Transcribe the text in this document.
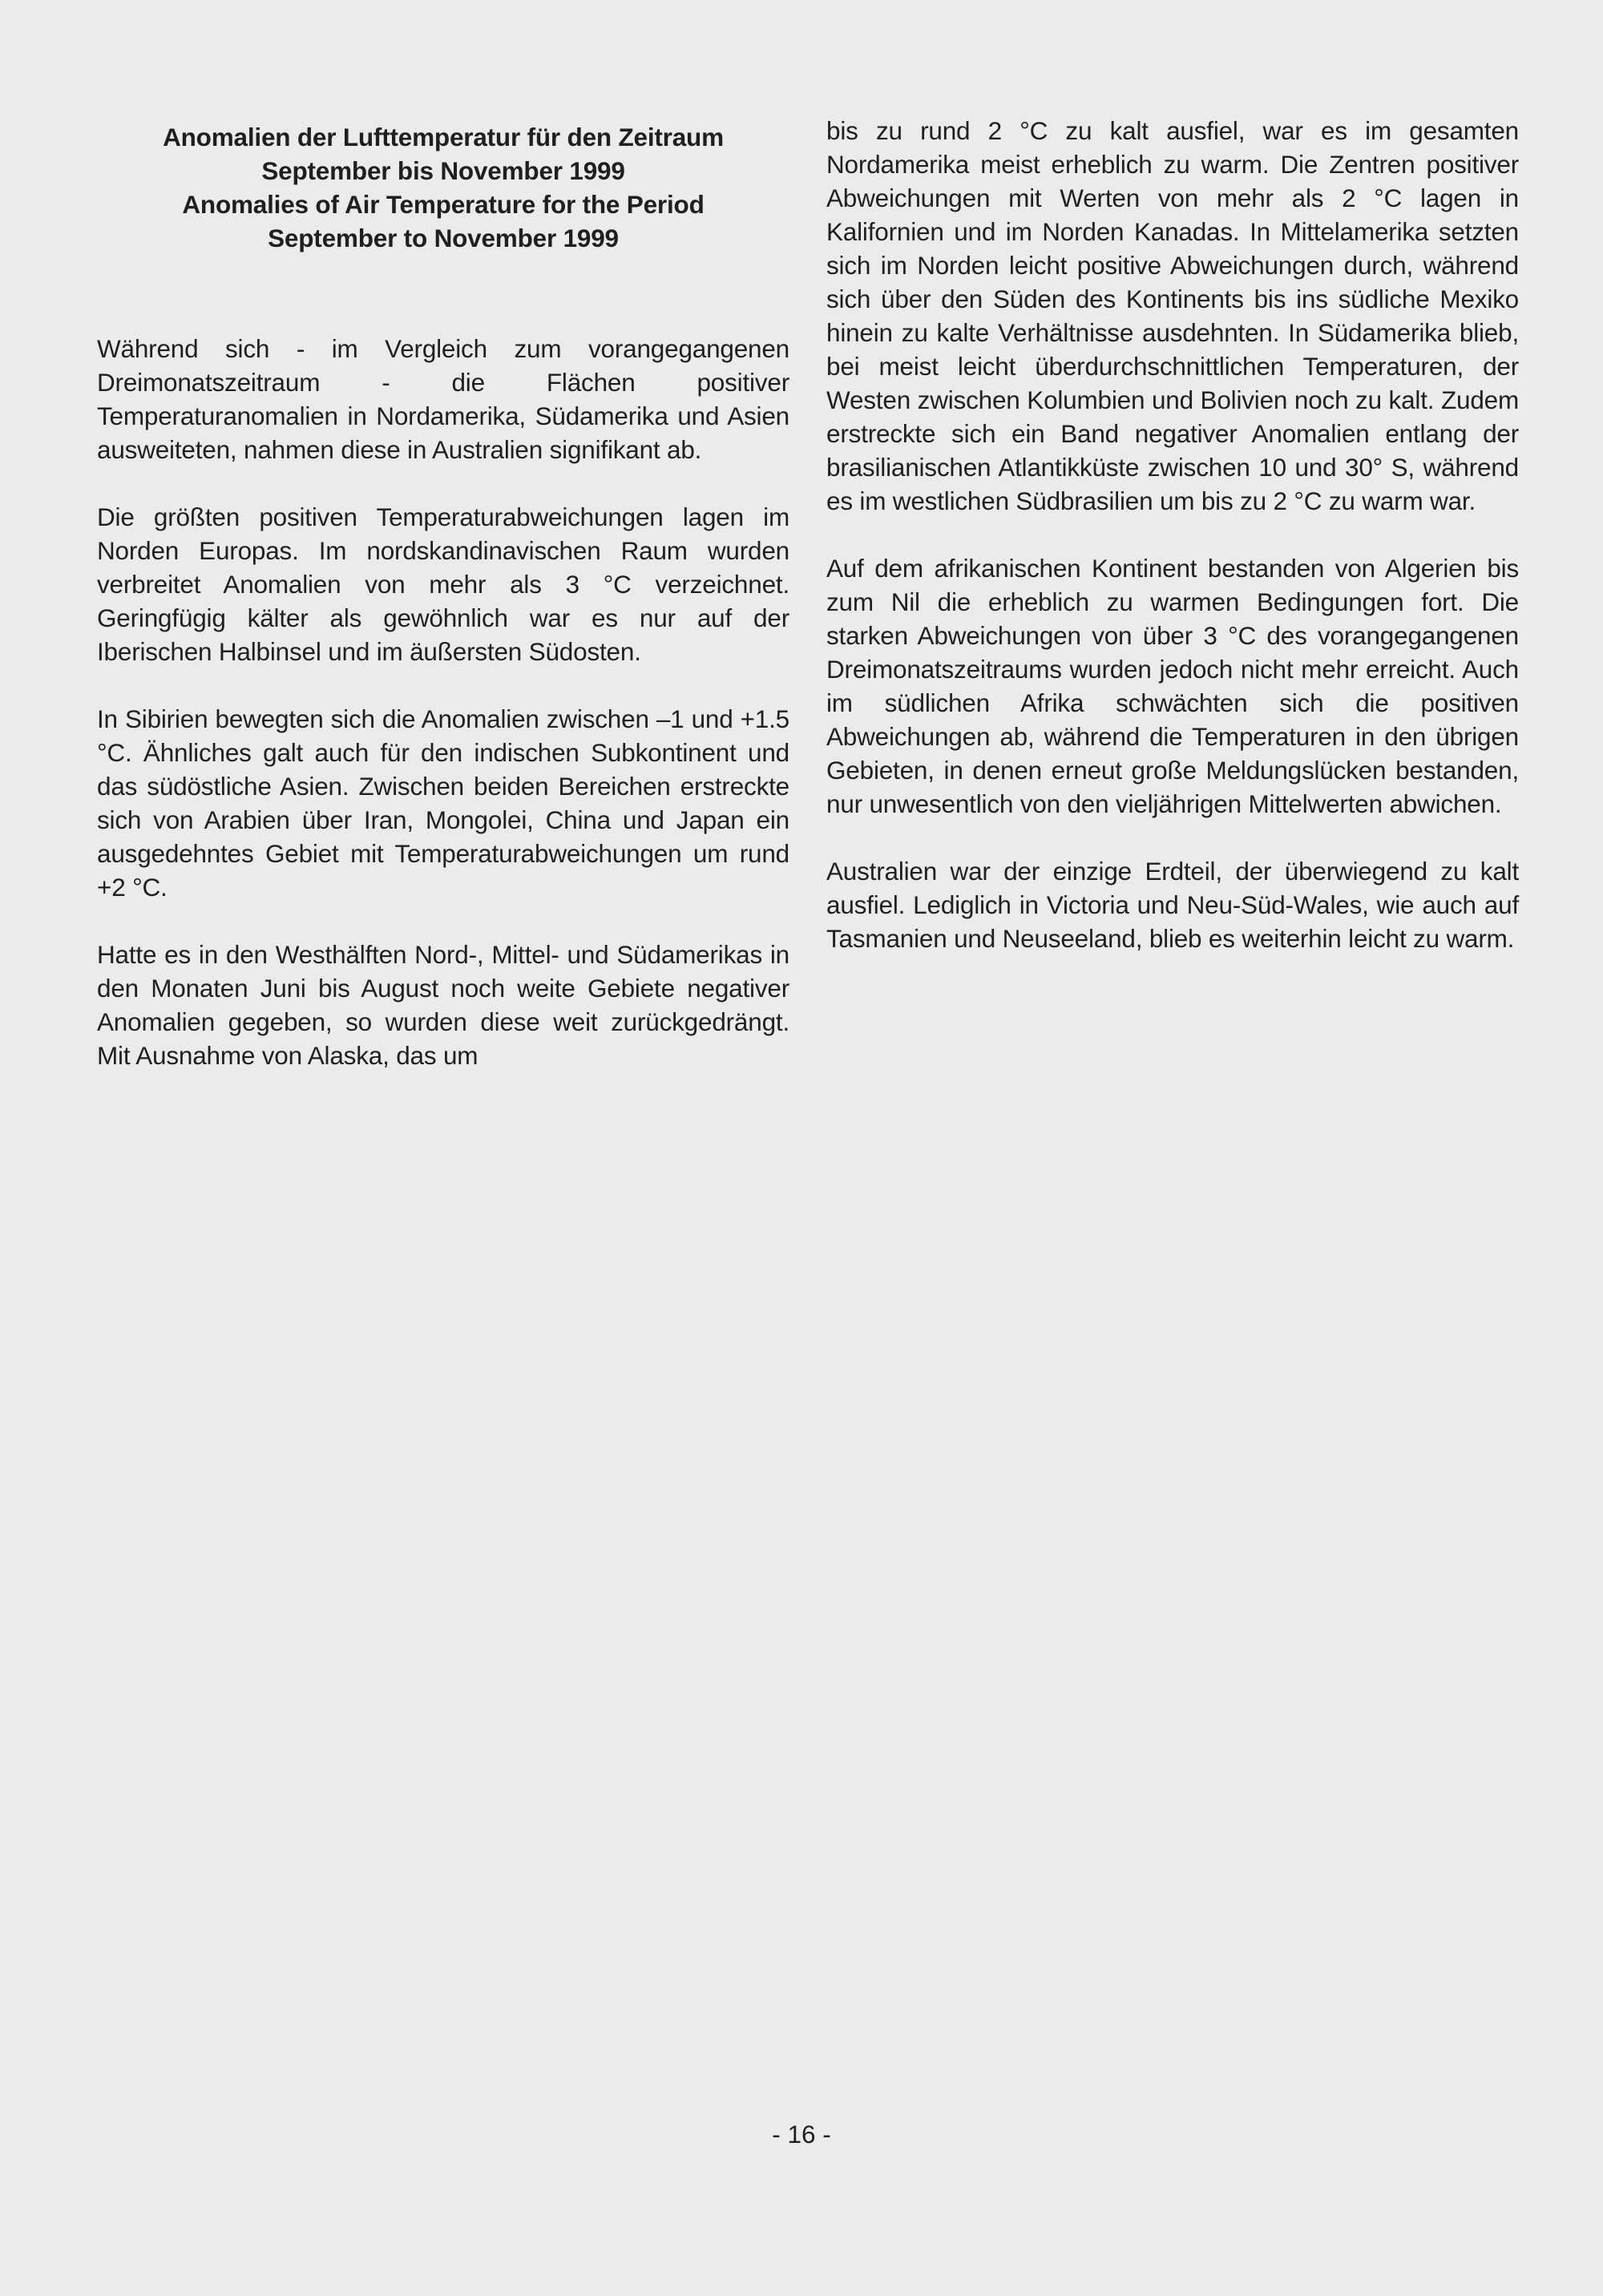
Anomalien der Lufttemperatur für den Zeitraum
September bis November 1999
Anomalies of Air Temperature for the Period
September to November 1999

Während sich - im Vergleich zum vorangegangenen Dreimonatszeitraum - die Flächen positiver Temperaturanomalien in Nordamerika, Südamerika und Asien ausweiteten, nahmen diese in Australien signifikant ab.

Die größten positiven Temperaturabweichungen lagen im Norden Europas. Im nordskandinavischen Raum wurden verbreitet Anomalien von mehr als 3 °C verzeichnet. Geringfügig kälter als gewöhnlich war es nur auf der Iberischen Halbinsel und im äußersten Südosten.

In Sibirien bewegten sich die Anomalien zwischen –1 und +1.5 °C. Ähnliches galt auch für den indischen Subkontinent und das südöstliche Asien. Zwischen beiden Bereichen erstreckte sich von Arabien über Iran, Mongolei, China und Japan ein ausgedehntes Gebiet mit Temperaturabweichungen um rund +2 °C.

Hatte es in den Westhälften Nord-, Mittel- und Südamerikas in den Monaten Juni bis August noch weite Gebiete negativer Anomalien gegeben, so wurden diese weit zurückgedrängt. Mit Ausnahme von Alaska, das um

bis zu rund 2 °C zu kalt ausfiel, war es im gesamten Nordamerika meist erheblich zu warm. Die Zentren positiver Abweichungen mit Werten von mehr als 2 °C lagen in Kalifornien und im Norden Kanadas. In Mittelamerika setzten sich im Norden leicht positive Abweichungen durch, während sich über den Süden des Kontinents bis ins südliche Mexiko hinein zu kalte Verhältnisse ausdehnten. In Südamerika blieb, bei meist leicht überdurchschnittlichen Temperaturen, der Westen zwischen Kolumbien und Bolivien noch zu kalt. Zudem erstreckte sich ein Band negativer Anomalien entlang der brasilianischen Atlantikküste zwischen 10 und 30° S, während es im westlichen Südbrasilien um bis zu 2 °C zu warm war.

Auf dem afrikanischen Kontinent bestanden von Algerien bis zum Nil die erheblich zu warmen Bedingungen fort. Die starken Abweichungen von über 3 °C des vorangegangenen Dreimonatszeitraums wurden jedoch nicht mehr erreicht. Auch im südlichen Afrika schwächten sich die positiven Abweichungen ab, während die Temperaturen in den übrigen Gebieten, in denen erneut große Meldungslücken bestanden, nur unwesentlich von den vieljährigen Mittelwerten abwichen.

Australien war der einzige Erdteil, der überwiegend zu kalt ausfiel. Lediglich in Victoria und Neu-Süd-Wales, wie auch auf Tasmanien und Neuseeland, blieb es weiterhin leicht zu warm.

- 16 -
